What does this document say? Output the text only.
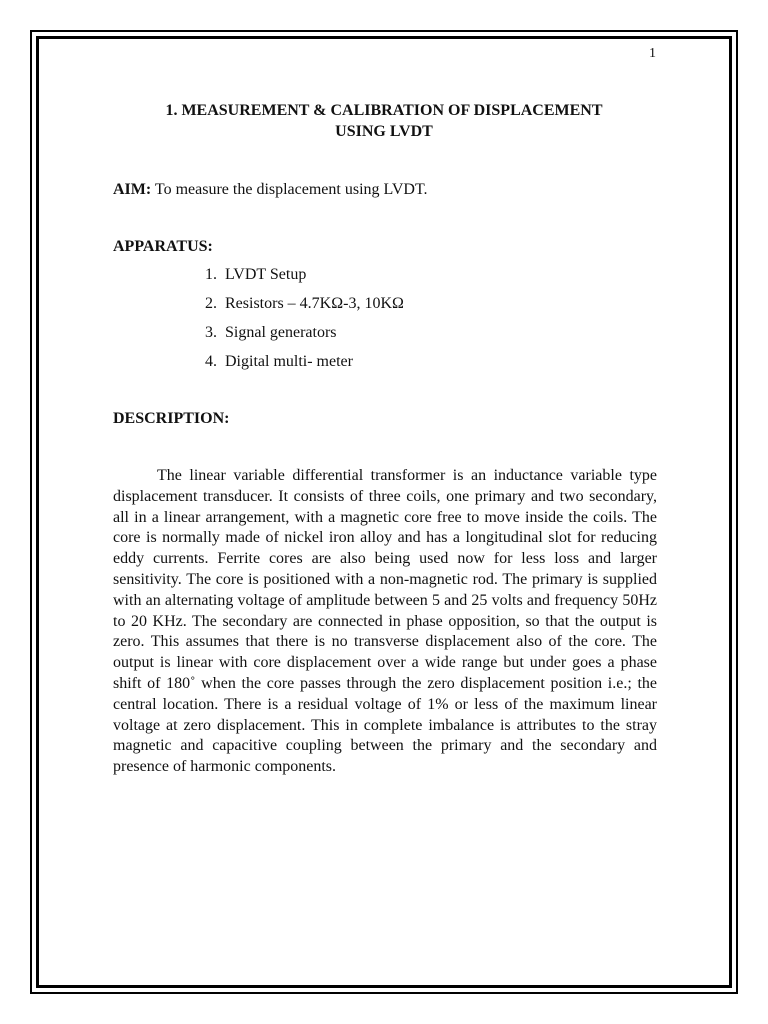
1
1. MEASUREMENT & CALIBRATION OF DISPLACEMENT
USING LVDT
AIM: To measure the displacement using LVDT.
APPARATUS:
1. LVDT Setup
2. Resistors – 4.7KΩ-3, 10KΩ
3. Signal generators
4. Digital multi- meter
DESCRIPTION:

The linear variable differential transformer is an inductance variable type displacement transducer. It consists of three coils, one primary and two secondary, all in a linear arrangement, with a magnetic core free to move inside the coils. The core is normally made of nickel iron alloy and has a longitudinal slot for reducing eddy currents. Ferrite cores are also being used now for less loss and larger sensitivity. The core is positioned with a non-magnetic rod. The primary is supplied with an alternating voltage of amplitude between 5 and 25 volts and frequency 50Hz to 20 KHz. The secondary are connected in phase opposition, so that the output is zero. This assumes that there is no transverse displacement also of the core. The output is linear with core displacement over a wide range but under goes a phase shift of 180˚ when the core passes through the zero displacement position i.e.; the central location. There is a residual voltage of 1% or less of the maximum linear voltage at zero displacement. This in complete imbalance is attributes to the stray magnetic and capacitive coupling between the primary and the secondary and presence of harmonic components.
